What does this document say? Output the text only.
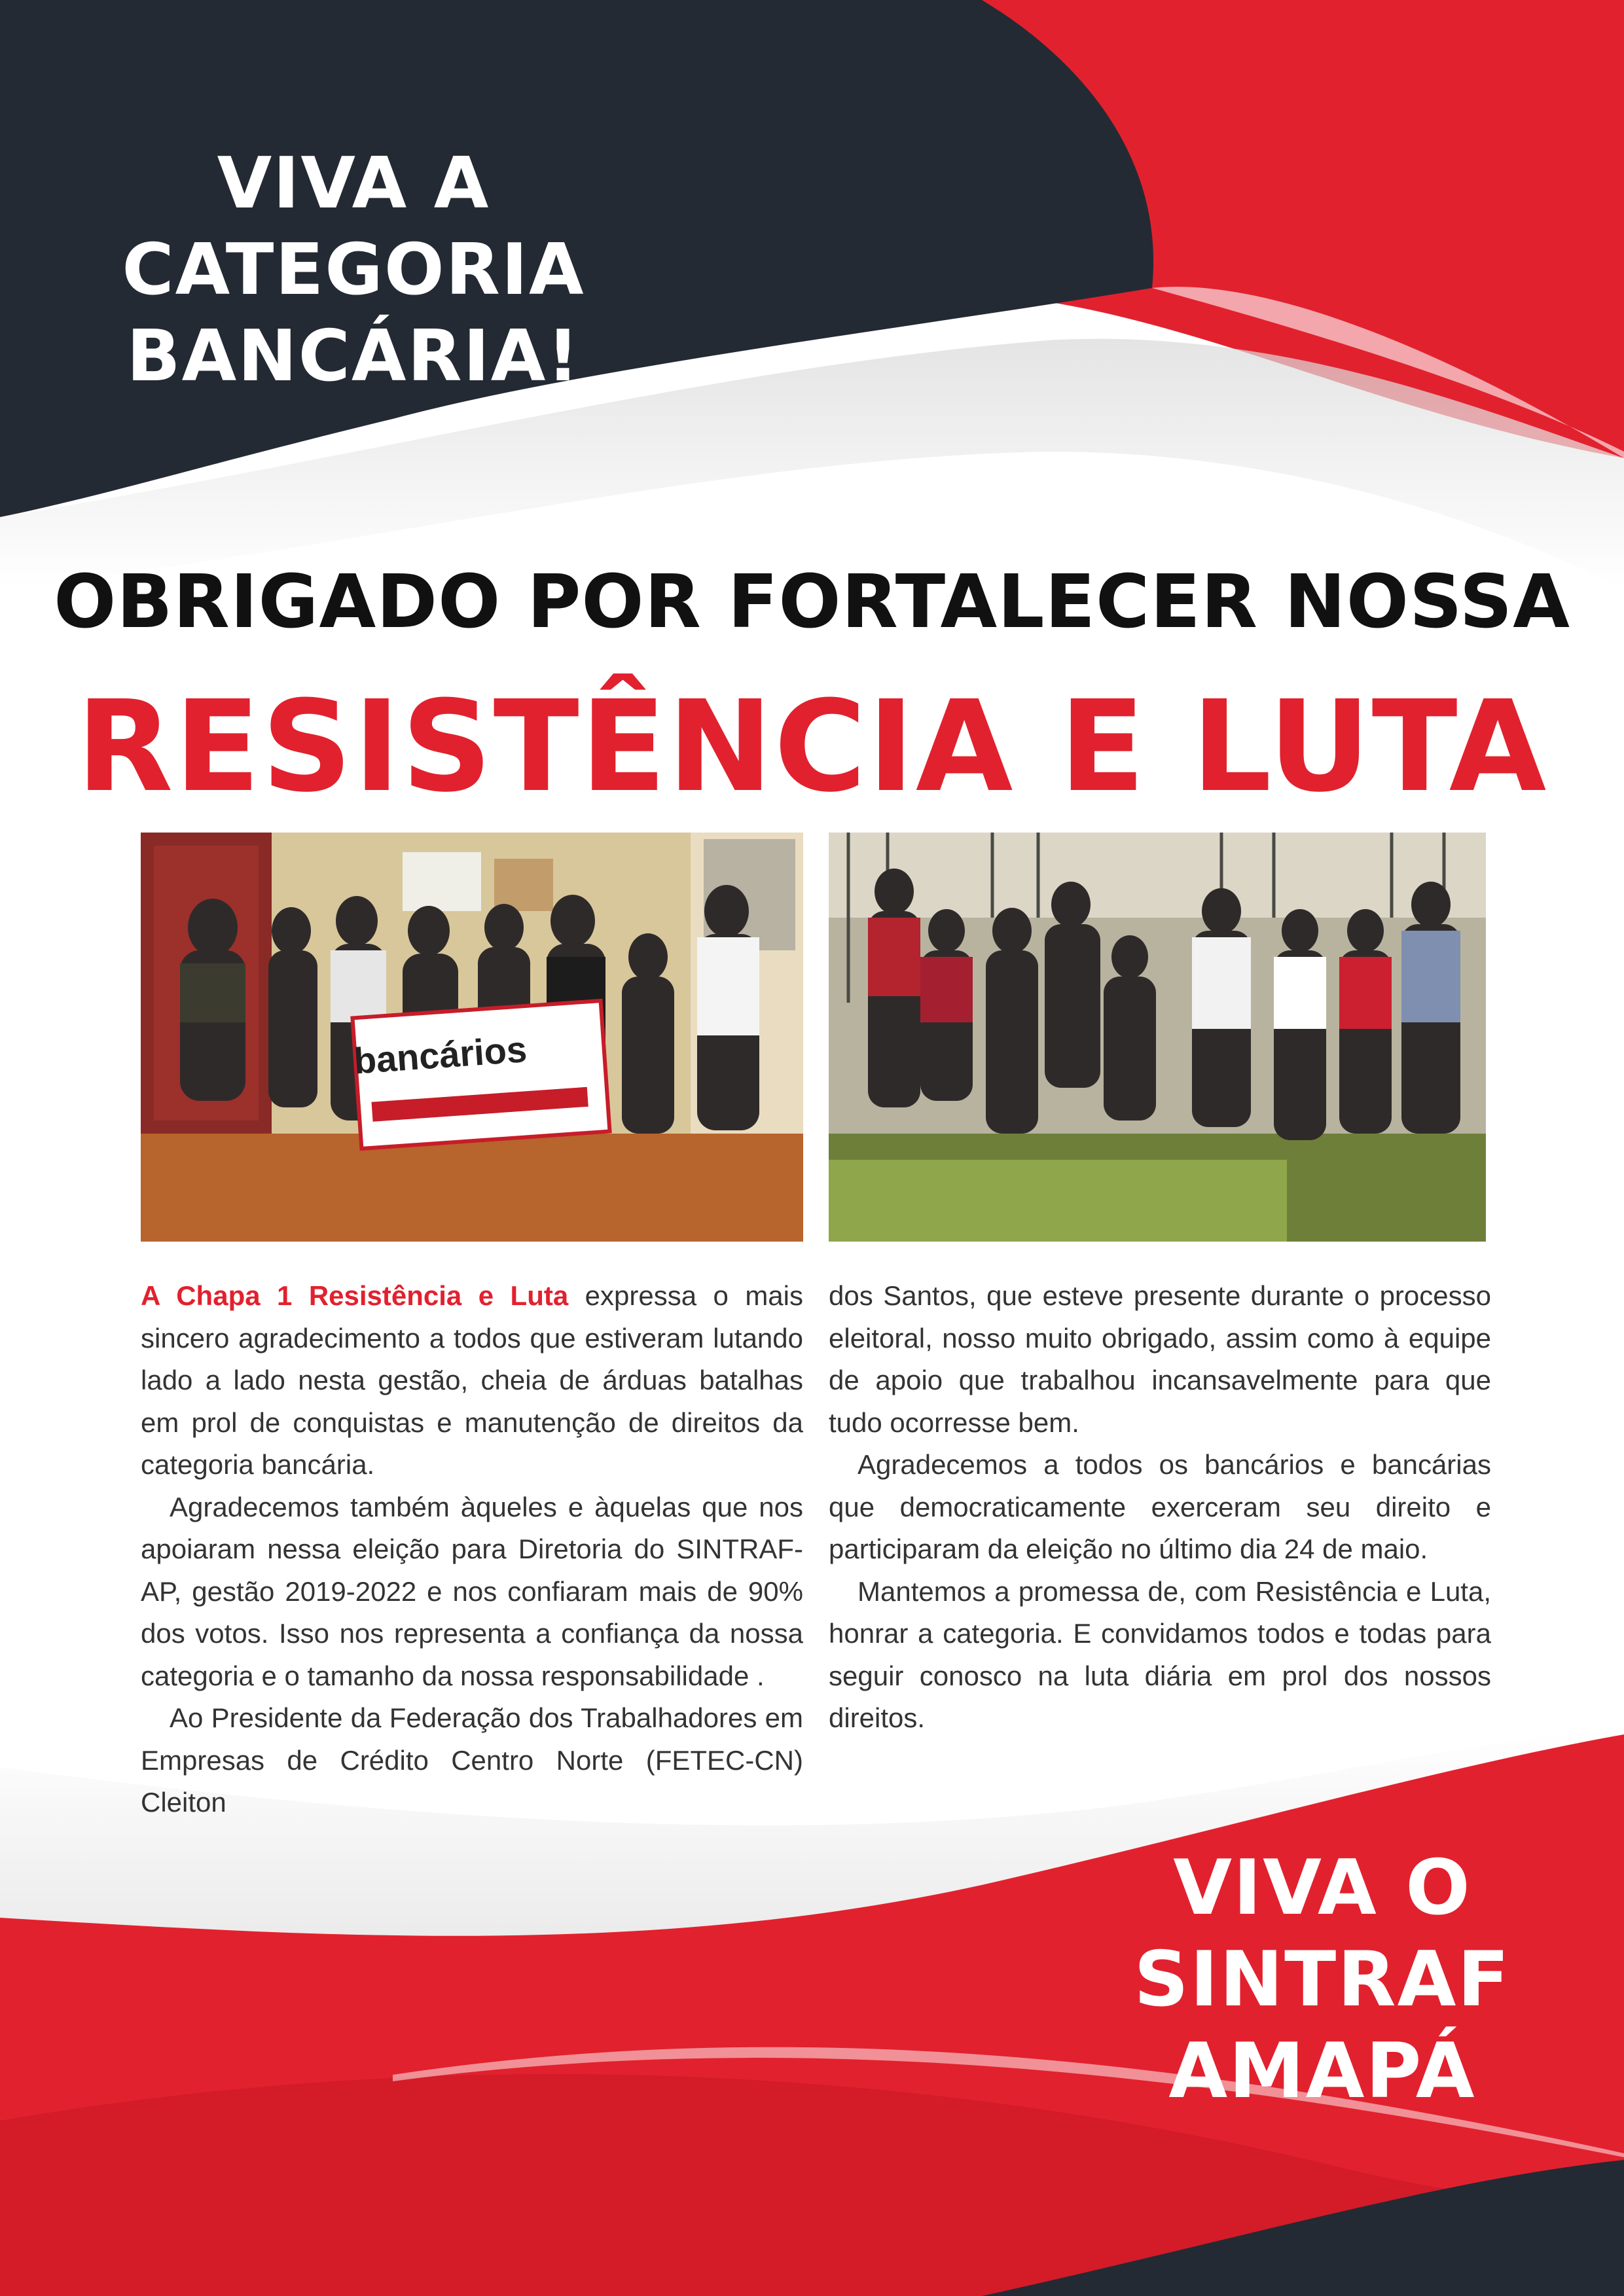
VIVA A
CATEGORIA
BANCÁRIA!
OBRIGADO POR FORTALECER NOSSA
RESISTÊNCIA E LUTA
bancários

A Chapa 1 Resistência e Luta expressa o mais sincero agradecimento a todos que estiveram lutando lado a lado nesta gestão, cheia de árduas batalhas em prol de conquistas e manutenção de direitos da categoria bancária.

Agradecemos também àqueles e àquelas que nos apoiaram nessa eleição para Diretoria do SINTRAF-AP, gestão 2019-2022 e nos confiaram mais de 90% dos votos. Isso nos representa a confiança da nossa categoria e o tamanho da nossa responsabilidade .

Ao Presidente da Federação dos Trabalhadores em Empresas de Crédito Centro Norte (FETEC-CN) Cleiton

dos Santos, que esteve presente durante o processo eleitoral, nosso muito obrigado, assim como à equipe de apoio que trabalhou incansavelmente para que tudo ocorresse bem.

Agradecemos a todos os bancários e bancárias que democraticamente exerceram seu direito e participaram da eleição no último dia 24 de maio.

Mantemos a promessa de, com Resistência e Luta, honrar a categoria. E convidamos todos e todas para seguir conosco na luta diária em prol dos nossos direitos.

VIVA O
SINTRAF
AMAPÁ
